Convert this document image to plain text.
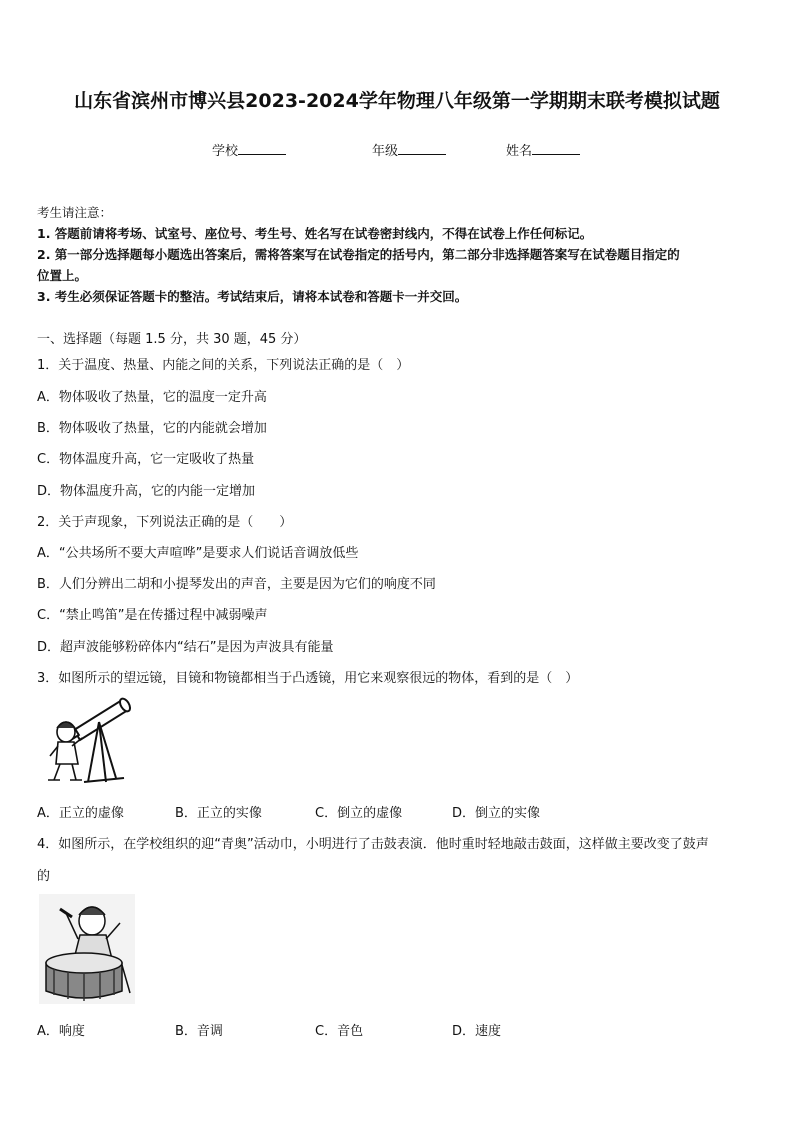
山东省滨州市博兴县2023-2024学年物理八年级第一学期期末联考模拟试题
学校	年级	姓名
考生请注意：
1. 答题前请将考场、试室号、座位号、考生号、姓名写在试卷密封线内，不得在试卷上作任何标记。
2. 第一部分选择题每小题选出答案后，需将答案写在试卷指定的括号内，第二部分非选择题答案写在试卷题目指定的
位置上。
3. 考生必须保证答题卡的整洁。考试结束后，请将本试卷和答题卡一并交回。
一、选择题（每题 1.5 分，共 30 题，45 分）
1．关于温度、热量、内能之间的关系，下列说法正确的是（　）
A．物体吸收了热量，它的温度一定升高
B．物体吸收了热量，它的内能就会增加
C．物体温度升高，它一定吸收了热量
D．物体温度升高，它的内能一定增加
2．关于声现象，下列说法正确的是（　　）
A．“公共场所不要大声喧哗”是要求人们说话音调放低些
B．人们分辨出二胡和小提琴发出的声音，主要是因为它们的响度不同
C．“禁止鸣笛”是在传播过程中减弱噪声
D．超声波能够粉碎体内“结石”是因为声波具有能量
3．如图所示的望远镜，目镜和物镜都相当于凸透镜，用它来观察很远的物体，看到的是（　）
A．正立的虚像	B．正立的实像	C．倒立的虚像	D．倒立的实像
4．如图所示，在学校组织的迎“青奥”活动巾，小明进行了击鼓表演．他时重时轻地敲击鼓面，这样做主要改变了鼓声
的
A．响度	B．音调	C．音色	D．速度
